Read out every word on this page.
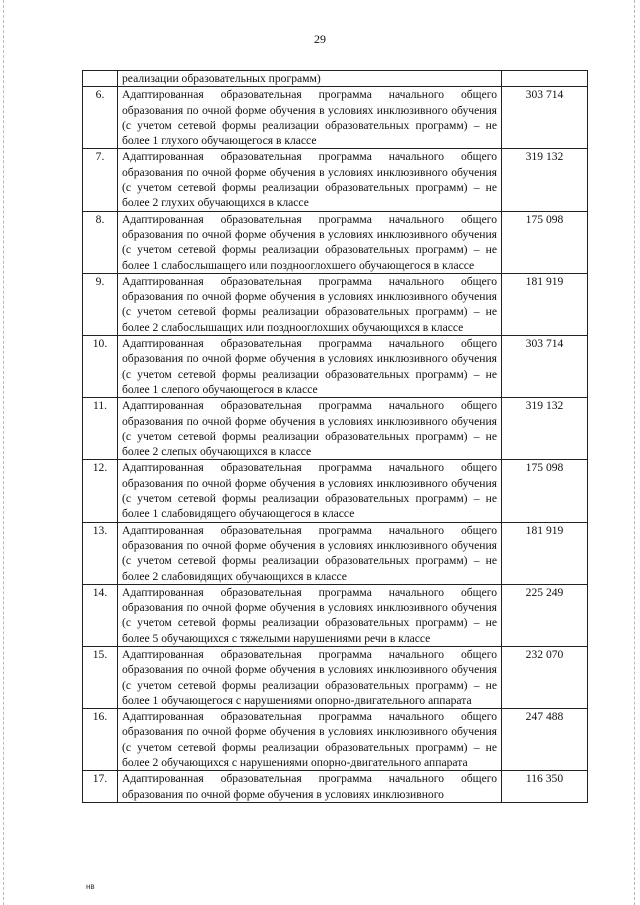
29
	реализации образовательных программ)	
6.	Адаптированная образовательная программа начального общего образования по очной форме обучения в условиях инклюзивного обучения (с учетом сетевой формы реализации образовательных программ) – не более 1 глухого обучающегося в классе	303 714
7.	Адаптированная образовательная программа начального общего образования по очной форме обучения в условиях инклюзивного обучения (с учетом сетевой формы реализации образовательных программ) – не более 2 глухих обучающихся в классе	319 132
8.	Адаптированная образовательная программа начального общего образования по очной форме обучения в условиях инклюзивного обучения (с учетом сетевой формы реализации образовательных программ) – не более 1 слабослышащего или позднооглохшего обучающегося в классе	175 098
9.	Адаптированная образовательная программа начального общего образования по очной форме обучения в условиях инклюзивного обучения (с учетом сетевой формы реализации образовательных программ) – не более 2 слабослышащих или позднооглохших обучающихся в классе	181 919
10.	Адаптированная образовательная программа начального общего образования по очной форме обучения в условиях инклюзивного обучения (с учетом сетевой формы реализации образовательных программ) – не более 1 слепого обучающегося в классе	303 714
11.	Адаптированная образовательная программа начального общего образования по очной форме обучения в условиях инклюзивного обучения (с учетом сетевой формы реализации образовательных программ) – не более 2 слепых обучающихся в классе	319 132
12.	Адаптированная образовательная программа начального общего образования по очной форме обучения в условиях инклюзивного обучения (с учетом сетевой формы реализации образовательных программ) – не более 1 слабовидящего обучающегося в классе	175 098
13.	Адаптированная образовательная программа начального общего образования по очной форме обучения в условиях инклюзивного обучения (с учетом сетевой формы реализации образовательных программ) – не более 2 слабовидящих обучающихся в классе	181 919
14.	Адаптированная образовательная программа начального общего образования по очной форме обучения в условиях инклюзивного обучения (с учетом сетевой формы реализации образовательных программ) – не более 5 обучающихся с тяжелыми нарушениями речи в классе	225 249
15.	Адаптированная образовательная программа начального общего образования по очной форме обучения в условиях инклюзивного обучения (с учетом сетевой формы реализации образовательных программ) – не более 1 обучающегося с нарушениями опорно-двигательного аппарата	232 070
16.	Адаптированная образовательная программа начального общего образования по очной форме обучения в условиях инклюзивного обучения (с учетом сетевой формы реализации образовательных программ) – не более 2 обучающихся с нарушениями опорно-двигательного аппарата	247 488
17.	Адаптированная образовательная программа начального общего образования по очной форме обучения в условиях инклюзивного	116 350
нв
